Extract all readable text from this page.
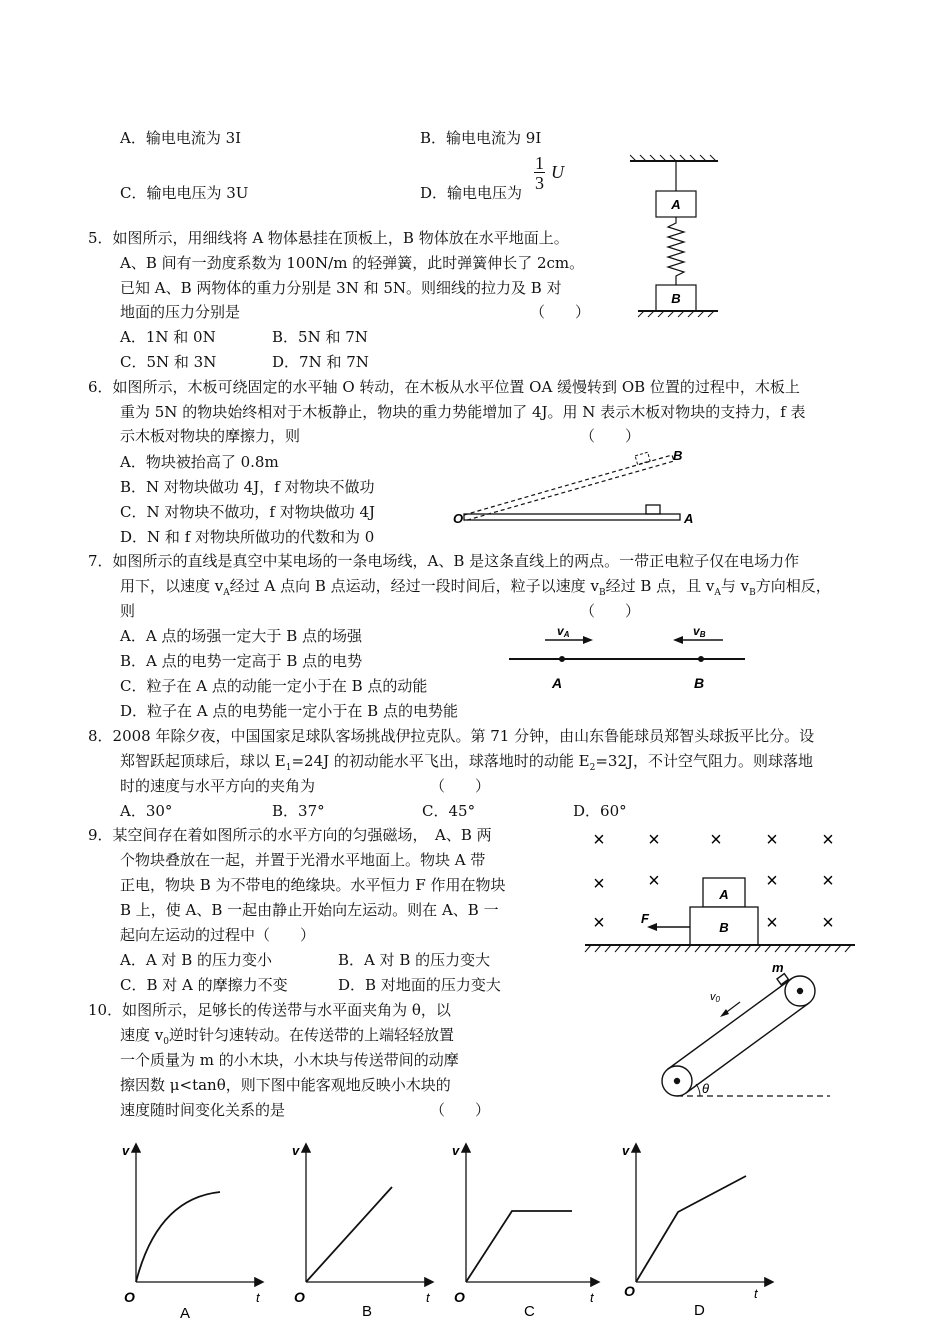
A．输电电流为 3I	B．输电电流为 9I
C．输电电压为 3U	D．输电电压为 $\frac{1}{3}$ U
5．如图所示，用细线将 A 物体悬挂在顶板上，B 物体放在水平地面上。
A、B 间有一劲度系数为 100N/m 的轻弹簧，此时弹簧伸长了 2cm。
已知 A、B 两物体的重力分别是 3N 和 5N。则细线的拉力及 B 对
地面的压力分别是	（　　）
A．1N 和 0N	B．5N 和 7N
C．5N 和 3N	D．7N 和 7N
A
B
6．如图所示，木板可绕固定的水平轴 O 转动，在木板从水平位置 OA 缓慢转到 OB 位置的过程中，木板上
重为 5N 的物块始终相对于木板静止，物块的重力势能增加了 4J。用 N 表示木板对物块的支持力，f 表
示木板对物块的摩擦力，则	（　　）
A．物块被抬高了 0.8m
B．N 对物块做功 4J，f 对物块不做功
C．N 对物块不做功，f 对物块做功 4J
D．N 和 f 对物块所做功的代数和为 0
O	A
B
7．如图所示的直线是真空中某电场的一条电场线，A、B 是这条直线上的两点。一带正电粒子仅在电场力作
用下，以速度 $v_A$经过 A 点向 B 点运动，经过一段时间后，粒子以速度 $v_B$经过 B 点，且 $v_A$与 $v_B$方向相反，
则	（　　）
A．A 点的场强一定大于 B 点的场强
B．A 点的电势一定高于 B 点的电势
C．粒子在 A 点的动能一定小于在 B 点的动能
D．粒子在 A 点的电势能一定小于在 B 点的电势能
vA	vB
A	B
8．2008 年除夕夜，中国国家足球队客场挑战伊拉克队。第 71 分钟，由山东鲁能球员郑智头球扳平比分。设
郑智跃起顶球后，球以 $E_1=24J$ 的初动能水平飞出，球落地时的动能 $E_2=32J$，不计空气阻力。则球落地
时的速度与水平方向的夹角为	（　　）
A．30°	B．37°	C．45°	D．60°
9．某空间存在着如图所示的水平方向的匀强磁场，　A、B 两
个物块叠放在一起，并置于光滑水平地面上。物块 A 带
正电，物块 B 为不带电的绝缘块。水平恒力 F 作用在物块
B 上，使 A、B 一起由静止开始向左运动。则在 A、B 一
起向左运动的过程中（　　）
A．A 对 B 的压力变小	B．A 对 B 的压力变大
C．B 对 A 的摩擦力不变	D．B 对地面的压力变大
× ×	× × ×
× ×	× ×
×	× ×
A
B
F
10．如图所示，足够长的传送带与水平面夹角为 θ，以
速度 $v_0$逆时针匀速转动。在传送带的上端轻轻放置
一个质量为 m 的小木块，小木块与传送带间的动摩
擦因数 μ<tanθ，则下图中能客观地反映小木块的
速度随时间变化关系的是	（　　）
m
v0
θ
v
t
O
A
v
t
O
B
v
t
O
C
v
t
O
D
